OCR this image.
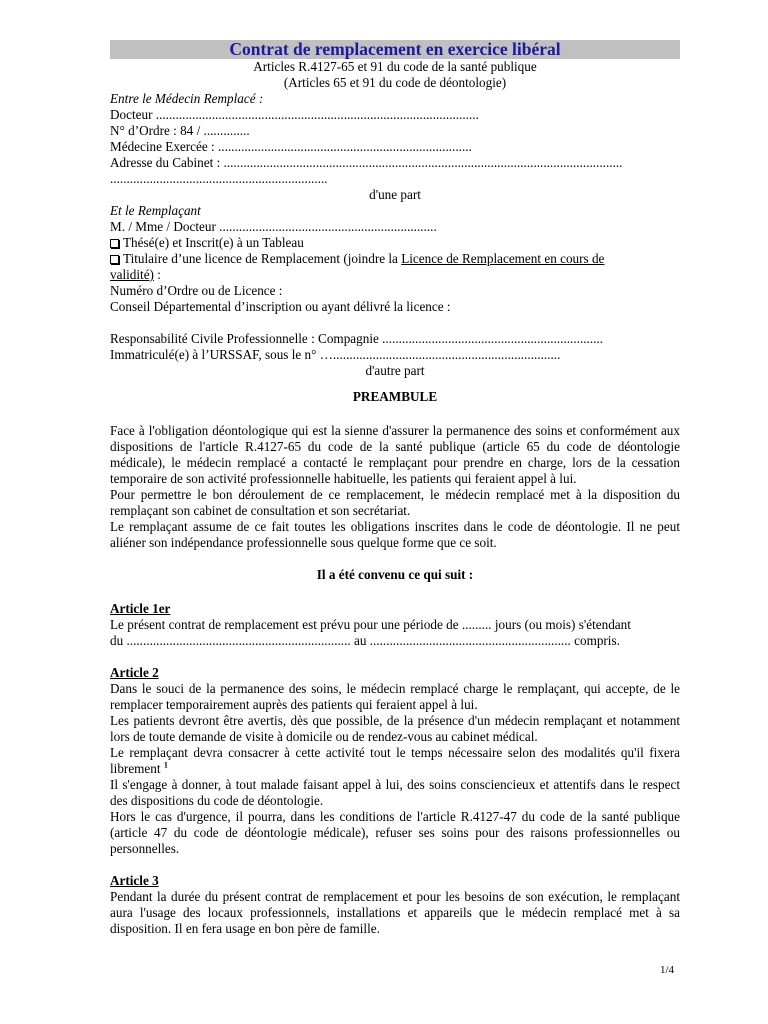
Contrat de remplacement en exercice libéral
Articles R.4127-65 et 91 du code de la santé publique
(Articles 65 et 91 du code de déontologie)
Entre le Médecin Remplacé :
Docteur ..................................................................................................
N° d’Ordre : 84 / ..............
Médecine Exercée : .............................................................................
Adresse du Cabinet : .........................................................................................................................
..................................................................
d'une part
Et le Remplaçant
M. / Mme / Docteur ..................................................................
Thésé(e) et Inscrit(e) à un Tableau
Titulaire d’une licence de Remplacement (joindre la Licence de Remplacement en cours de
validité) :
Numéro d’Ordre ou de Licence :
Conseil Départemental d’inscription ou ayant délivré la licence :
Responsabilité Civile Professionnelle : Compagnie ...................................................................
Immatriculé(e) à l’URSSAF, sous le n° ….....................................................................
d'autre part
PREAMBULE
Face à l'obligation déontologique qui est la sienne d'assurer la permanence des soins et conformément aux dispositions de l'article R.4127-65 du code de la santé publique (article 65 du code de déontologie médicale), le médecin remplacé a contacté le remplaçant pour prendre en charge, lors de la cessation temporaire de son activité professionnelle habituelle, les patients qui feraient appel à lui.
Pour permettre le bon déroulement de ce remplacement, le médecin remplacé met à la disposition du remplaçant son cabinet de consultation et son secrétariat.
Le remplaçant assume de ce fait toutes les obligations inscrites dans le code de déontologie. Il ne peut aliéner son indépendance professionnelle sous quelque forme que ce soit.
Il a été convenu ce qui suit :
Article 1er
Le présent contrat de remplacement est prévu pour une période de ......... jours (ou mois) s'étendant
du .................................................................... au ............................................................. compris.
Article 2
Dans le souci de la permanence des soins, le médecin remplacé charge le remplaçant, qui accepte, de le remplacer temporairement auprès des patients qui feraient appel à lui.
Les patients devront être avertis, dès que possible, de la présence d'un médecin remplaçant et notamment lors de toute demande de visite à domicile ou de rendez-vous au cabinet médical.
Le remplaçant devra consacrer à cette activité tout le temps nécessaire selon des modalités qu'il fixera librement $^1$
Il s'engage à donner, à tout malade faisant appel à lui, des soins consciencieux et attentifs dans le respect des dispositions du code de déontologie.
Hors le cas d'urgence, il pourra, dans les conditions de l'article R.4127-47 du code de la santé publique (article 47 du code de déontologie médicale), refuser ses soins pour des raisons professionnelles ou personnelles.
Article 3
Pendant la durée du présent contrat de remplacement et pour les besoins de son exécution, le remplaçant aura l'usage des locaux professionnels, installations et appareils que le médecin remplacé met à sa disposition. Il en fera usage en bon père de famille.
1/4
